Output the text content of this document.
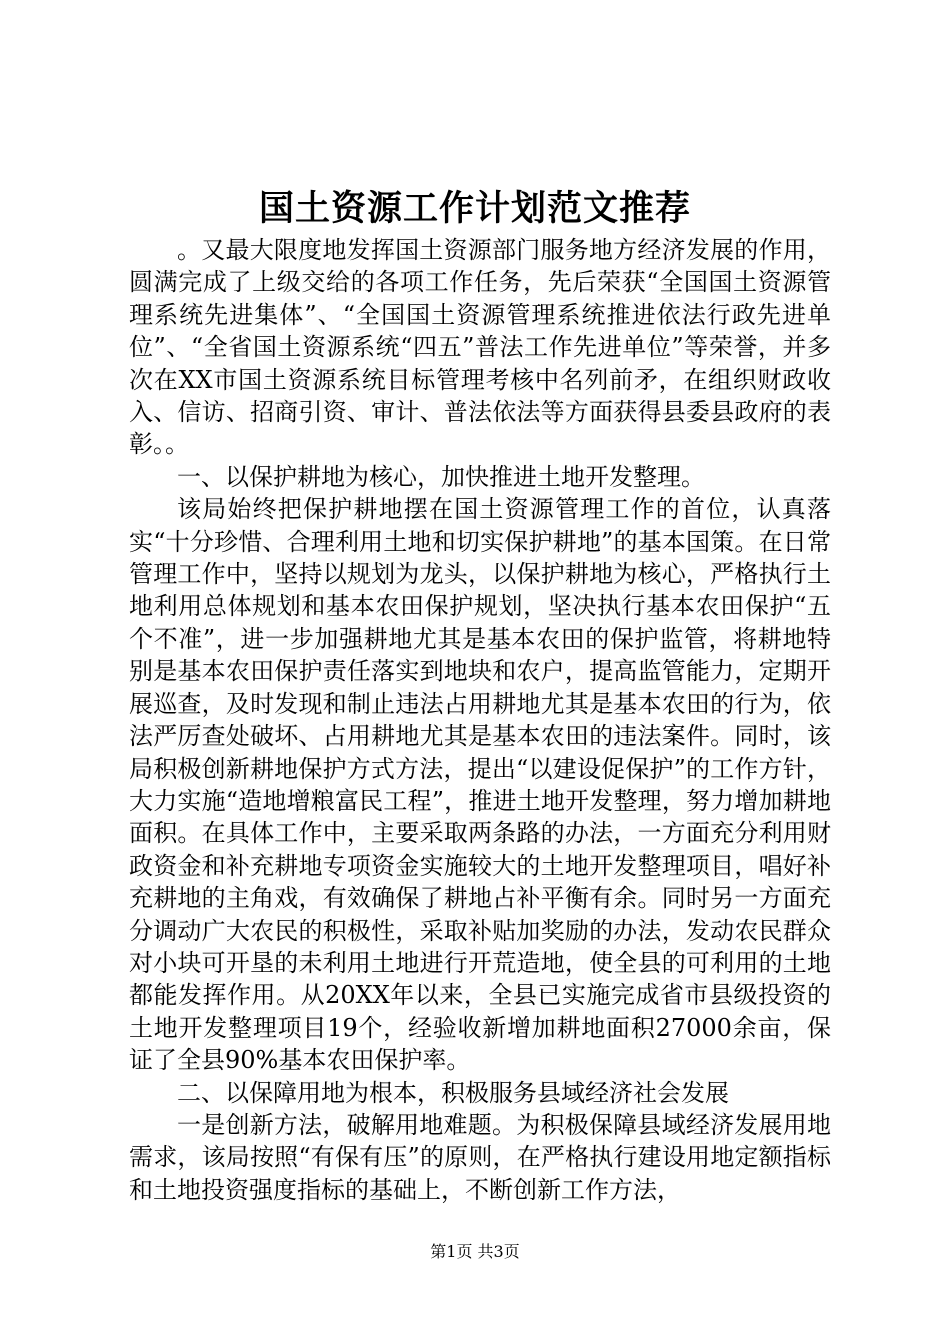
国土资源工作计划范文推荐

。又最大限度地发挥国土资源部门服务地方经济发展的作用，圆满完成了上级交给的各项工作任务，先后荣获“全国国土资源管理系统先进集体”、“全国国土资源管理系统推进依法行政先进单位”、“全省国土资源系统“四五”普法工作先进单位”等荣誉，并多次在XX市国土资源系统目标管理考核中名列前矛，在组织财政收入、信访、招商引资、审计、普法依法等方面获得县委县政府的表彰。。

一、以保护耕地为核心，加快推进土地开发整理。

该局始终把保护耕地摆在国土资源管理工作的首位，认真落实“十分珍惜、合理利用土地和切实保护耕地”的基本国策。在日常管理工作中，坚持以规划为龙头，以保护耕地为核心，严格执行土地利用总体规划和基本农田保护规划，坚决执行基本农田保护“五个不准”，进一步加强耕地尤其是基本农田的保护监管，将耕地特别是基本农田保护责任落实到地块和农户，提高监管能力，定期开展巡查，及时发现和制止违法占用耕地尤其是基本农田的行为，依法严厉查处破坏、占用耕地尤其是基本农田的违法案件。同时，该局积极创新耕地保护方式方法，提出“以建设促保护”的工作方针，大力实施“造地增粮富民工程”，推进土地开发整理，努力增加耕地面积。在具体工作中，主要采取两条路的办法，一方面充分利用财政资金和补充耕地专项资金实施较大的土地开发整理项目，唱好补充耕地的主角戏，有效确保了耕地占补平衡有余。同时另一方面充分调动广大农民的积极性，采取补贴加奖励的办法，发动农民群众对小块可开垦的未利用土地进行开荒造地，使全县的可利用的土地都能发挥作用。从20XX年以来，全县已实施完成省市县级投资的土地开发整理项目19个，经验收新增加耕地面积27000余亩，保证了全县90%基本农田保护率。

二、以保障用地为根本，积极服务县域经济社会发展

一是创新方法，破解用地难题。为积极保障县域经济发展用地需求，该局按照“有保有压”的原则，在严格执行建设用地定额指标和土地投资强度指标的基础上，不断创新工作方法，

第1页 共3页
